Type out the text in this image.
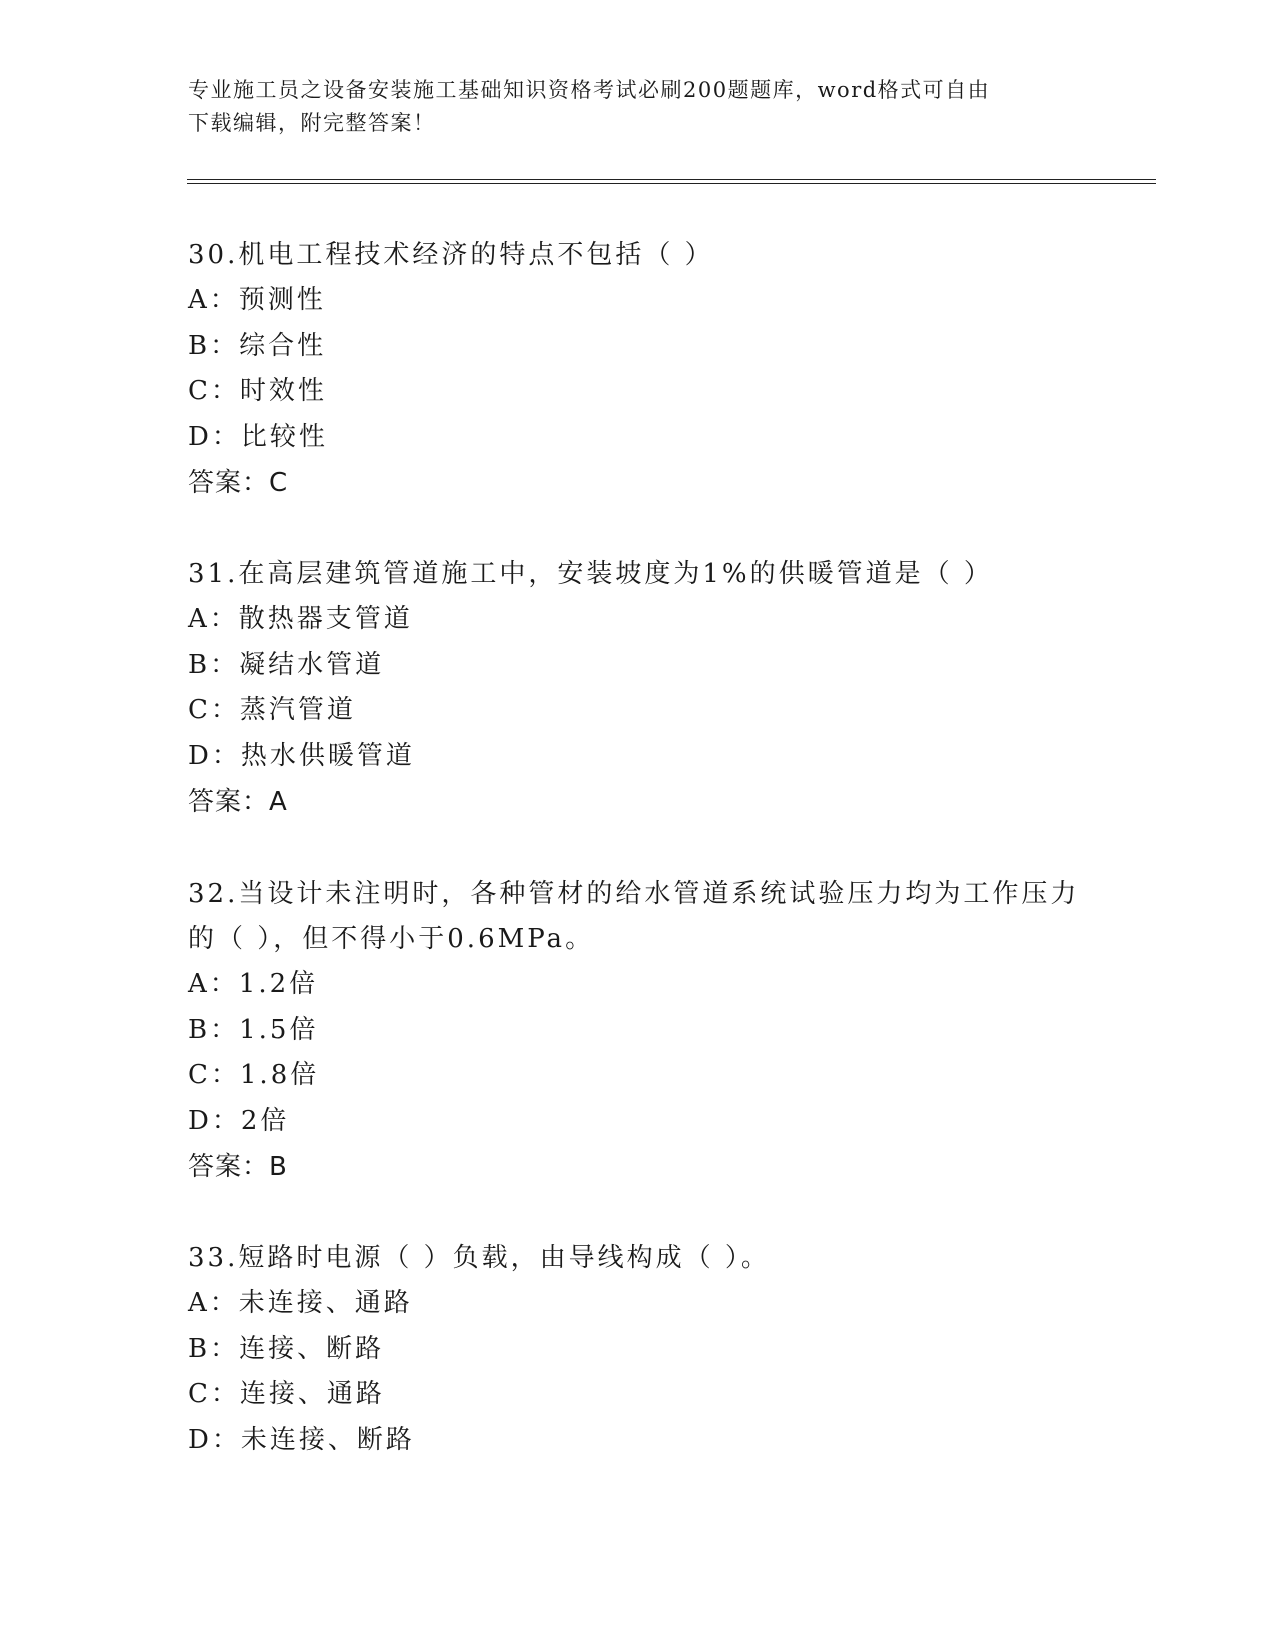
专业施工员之设备安装施工基础知识资格考试必刷200题题库，word格式可自由
下载编辑，附完整答案！

30.机电工程技术经济的特点不包括（ ）

A：预测性

B：综合性

C：时效性

D：比较性

答案：C

31.在高层建筑管道施工中，安装坡度为1%的供暖管道是（ ）

A：散热器支管道

B：凝结水管道

C：蒸汽管道

D：热水供暖管道

答案：A

32.当设计未注明时，各种管材的给水管道系统试验压力均为工作压力

的（ ），但不得小于0.6MPa。

A：1.2倍

B：1.5倍

C：1.8倍

D：2倍

答案：B

33.短路时电源（ ）负载，由导线构成（ ）。

A：未连接、通路

B：连接、断路

C：连接、通路

D：未连接、断路
